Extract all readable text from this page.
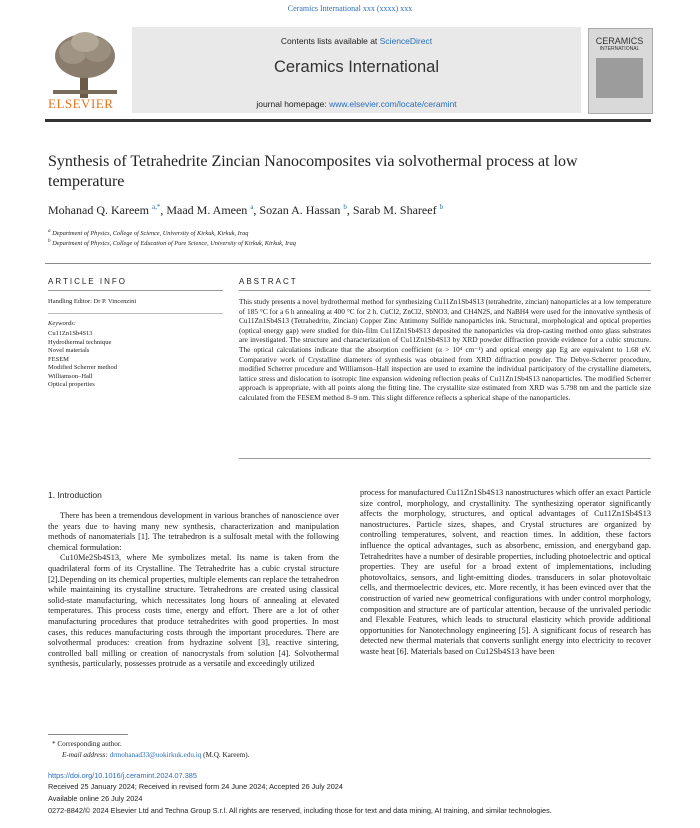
Ceramics International xxx (xxxx) xxx
Contents lists available at ScienceDirect
Ceramics International
journal homepage: www.elsevier.com/locate/ceramint
ELSEVIER
CERAMICS
INTERNATIONAL
Synthesis of Tetrahedrite Zincian Nanocomposites via solvothermal process at low temperature
Mohanad Q. Kareem $^{a,*}$, Maad M. Ameen $^a$, Sozan A. Hassan $^b$, Sarab M. Shareef $^b$
$^a$ Department of Physics, College of Science, University of Kirkuk, Kirkuk, Iraq
$^b$ Department of Physics, College of Education of Pure Science, University of Kirkuk, Kirkuk, Iraq
ARTICLE INFO	ABSTRACT
Handling Editor: Dr P. Vincenzini
Keywords:
Cu11Zn1Sb4S13
Hydrothermal technique
Novel materials
FESEM
Modified Scherrer method
Williamson–Hall
Optical properties
This study presents a novel hydrothermal method for synthesizing Cu11Zn1Sb4S13 (tetrahedrite, zincian) nanoparticles at a low temperature of 185 °C for a 6 h annealing at 400 °C for 2 h. CuCl2, ZnCl2, SbNO3, and CH4N2S, and NaBH4 were used for the innovative synthesis of Cu11Zn1Sb4S13 (Tetrahedrite, Zincian) Copper Zinc Antimony Sulfide nanoparticles ink. Structural, morphological and optical properties (optical energy gap) were studied for thin-film Cu11Zn1Sb4S13 deposited the nanoparticles via drop-casting method onto glass substrates are investigated. The structure and characterization of Cu11Zn1Sb4S13 by XRD powder diffraction provide evidence for a cubic structure. The optical calculations indicate that the absorption coefficient (α > 10⁴ cm⁻¹) and optical energy gap Eg are equivalent to 1.68 eV. Comparative work of Crystalline diameters of synthesis was obtained from XRD diffraction powder. The Debye-Scherrer procedure, modified Scherrer procedure and Williamson–Hall inspection are used to examine the individual participatory of the crystalline diameters, lattice stress and dislocation to isotropic line expansion widening reflection peaks of Cu11Zn1Sb4S13 nanoparticles. The modified Scherrer approach is appropriate, with all points along the fitting line. The crystallite size estimated from XRD was 5.798 nm and the particle size calculated from the FESEM method 8–9 nm. This slight difference reflects a spherical shape of the nanoparticles.
1. Introduction

There has been a tremendous development in various branches of nanoscience over the years due to having many new synthesis, characterization and manipulation methods of nanomaterials [1]. The tetrahedron is a sulfosalt metal with the following chemical formulation:

Cu10Me2Sb4S13, where Me symbolizes metal. Its name is taken from the quadrilateral form of its Crystalline. The Tetrahedrite has a cubic crystal structure [2].Depending on its chemical properties, multiple elements can replace the tetrahedron while maintaining its crystalline structure. Tetrahedrons are created using classical solid-state manufacturing, which necessitates long hours of annealing at elevated temperatures. This process costs time, energy and effort. There are a lot of other manufacturing procedures that produce tetrahedrites with good properties. In most cases, this reduces manufacturing costs through the important procedures. There are solvothermal produces: creation from hydrazine solvent [3], reactive sintering, controlled ball milling or creation of nanocrystals from solution [4]. Solvothermal synthesis, particularly, possesses protrude as a versatile and exceedingly utilized

process for manufactured Cu11Zn1Sb4S13 nanostructures which offer an exact Particle size control, morphology, and crystallinity. The synthesizing operator significantly affects the morphology, structures, and optical advantages of Cu11Zn1Sb4S13 nanostructures. Particle sizes, shapes, and Crystal structures are organized by controlling temperatures, solvent, and reaction times. In addition, these factors influence the optical advantages, such as absorbenc, emission, and energyband gap. Tetrahedrites have a number of desirable properties, including photoelectric and optical properties. They are useful for a broad extent of implementations, including photovoltaics, sensors, and light-emitting diodes. transducers in solar photovoltaic cells, and thermoelectric devices, etc. More recently, it has been evinced over that the construction of varied new geometrical configurations with under control morphology, composition and structure are of particular attention, because of the unrivaled periodic and Flexable Features, which leads to structural elasticity which provide additional opportunities for Nanotechnology engineering [5]. A significant focus of research has detected new thermal materials that converts sunlight energy into electricity to recover waste heat [6]. Materials based on Cu12Sb4S13 have been

* Corresponding author.
E-mail address: drmohanad33@uokirkuk.edu.iq (M.Q. Kareem).
https://doi.org/10.1016/j.ceramint.2024.07.385
Received 25 January 2024; Received in revised form 24 June 2024; Accepted 26 July 2024
Available online 26 July 2024
0272-8842/© 2024 Elsevier Ltd and Techna Group S.r.l. All rights are reserved, including those for text and data mining, AI training, and similar technologies.
